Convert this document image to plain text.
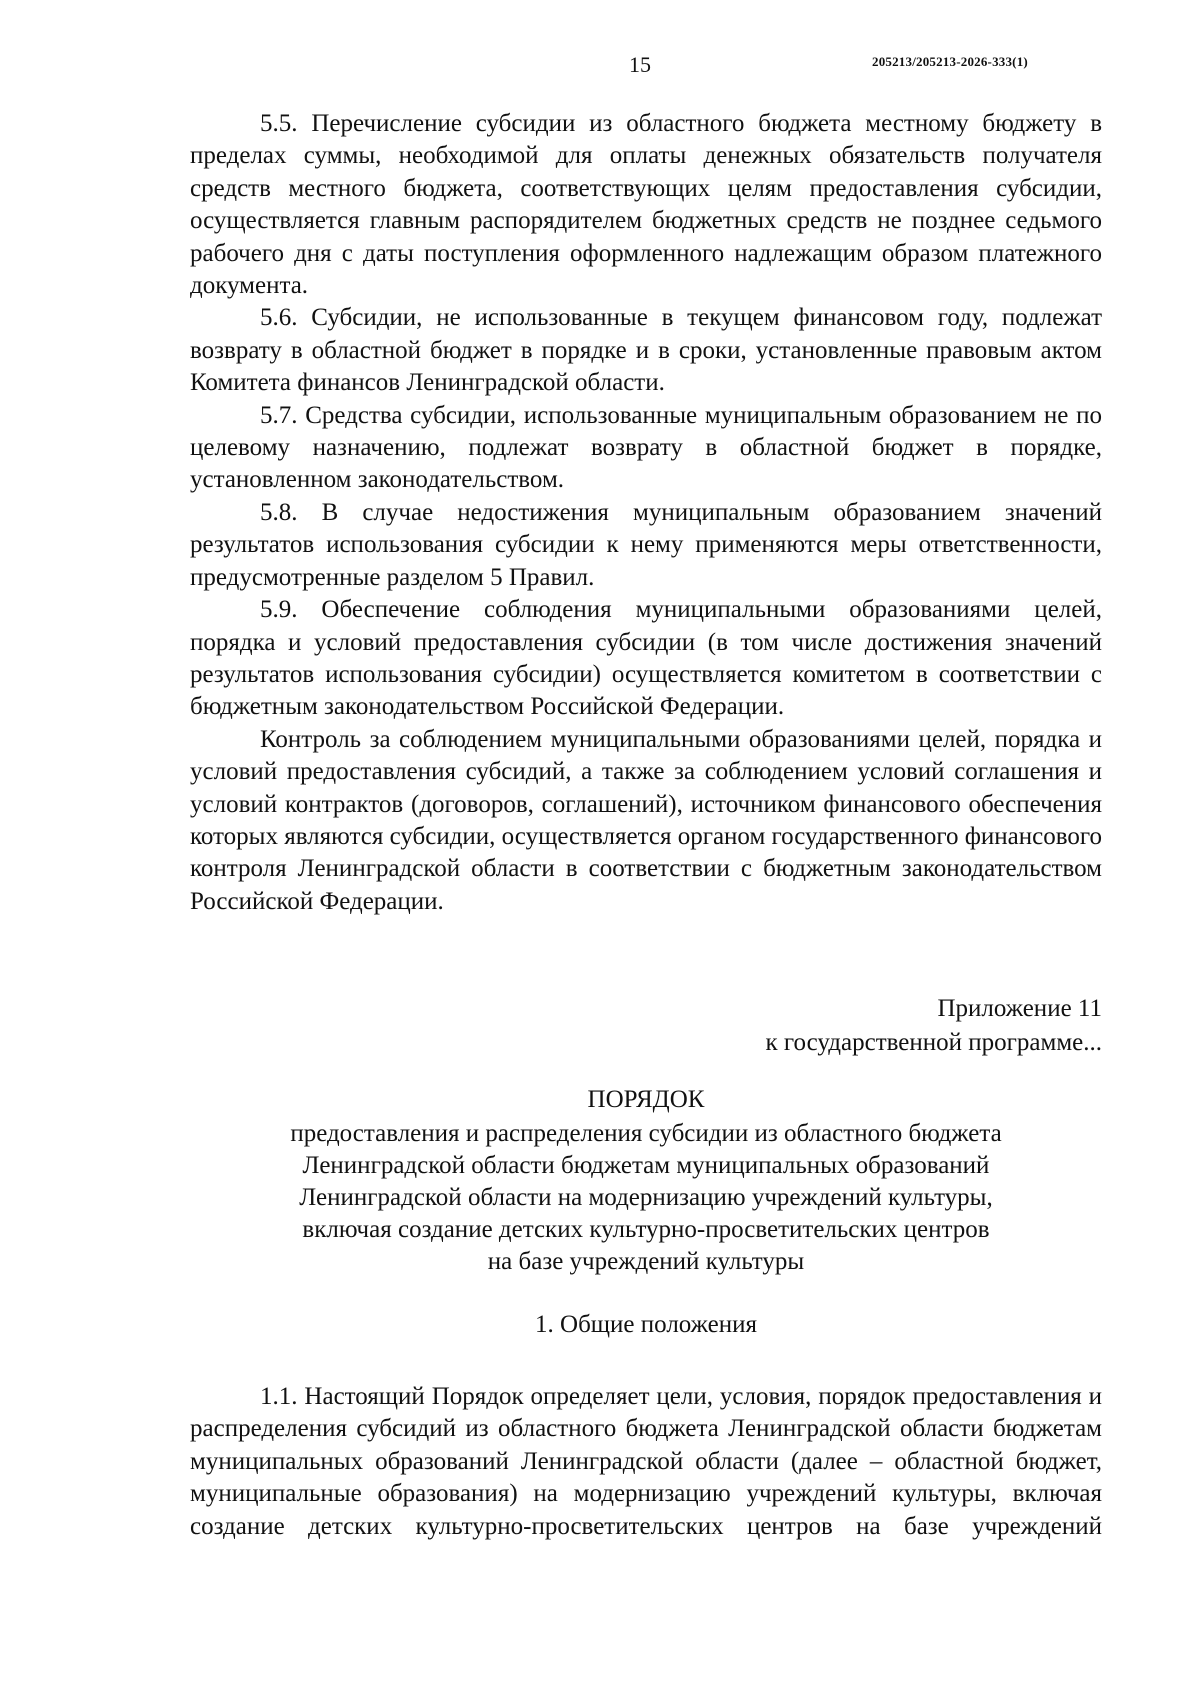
15	205213/205213-2026-333(1)

5.5. Перечисление субсидии из областного бюджета местному бюджету в пределах суммы, необходимой для оплаты денежных обязательств получателя средств местного бюджета, соответствующих целям предоставления субсидии, осуществляется главным распорядителем бюджетных средств не позднее седьмого рабочего дня с даты поступления оформленного надлежащим образом платежного документа.

5.6. Субсидии, не использованные в текущем финансовом году, подлежат возврату в областной бюджет в порядке и в сроки, установленные правовым актом Комитета финансов Ленинградской области.

5.7. Средства субсидии, использованные муниципальным образованием не по целевому назначению, подлежат возврату в областной бюджет в порядке, установленном законодательством.

5.8. В случае недостижения муниципальным образованием значений результатов использования субсидии к нему применяются меры ответственности, предусмотренные разделом 5 Правил.

5.9. Обеспечение соблюдения муниципальными образованиями целей, порядка и условий предоставления субсидии (в том числе достижения значений результатов использования субсидии) осуществляется комитетом в соответствии с бюджетным законодательством Российской Федерации.

Контроль за соблюдением муниципальными образованиями целей, порядка и условий предоставления субсидий, а также за соблюдением условий соглашения и условий контрактов (договоров, соглашений), источником финансового обеспечения которых являются субсидии, осуществляется органом государственного финансового контроля Ленинградской области в соответствии с бюджетным законодательством Российской Федерации.

Приложение 11
к государственной программе...
ПОРЯДОК
предоставления и распределения субсидии из областного бюджета
Ленинградской области бюджетам муниципальных образований
Ленинградской области на модернизацию учреждений культуры,
включая создание детских культурно-просветительских центров
на базе учреждений культуры
1. Общие положения

1.1. Настоящий Порядок определяет цели, условия, порядок предоставления и распределения субсидий из областного бюджета Ленинградской области бюджетам муниципальных образований Ленинградской области (далее – областной бюджет, муниципальные образования) на модернизацию учреждений культуры, включая создание детских культурно-просветительских центров на базе учреждений
